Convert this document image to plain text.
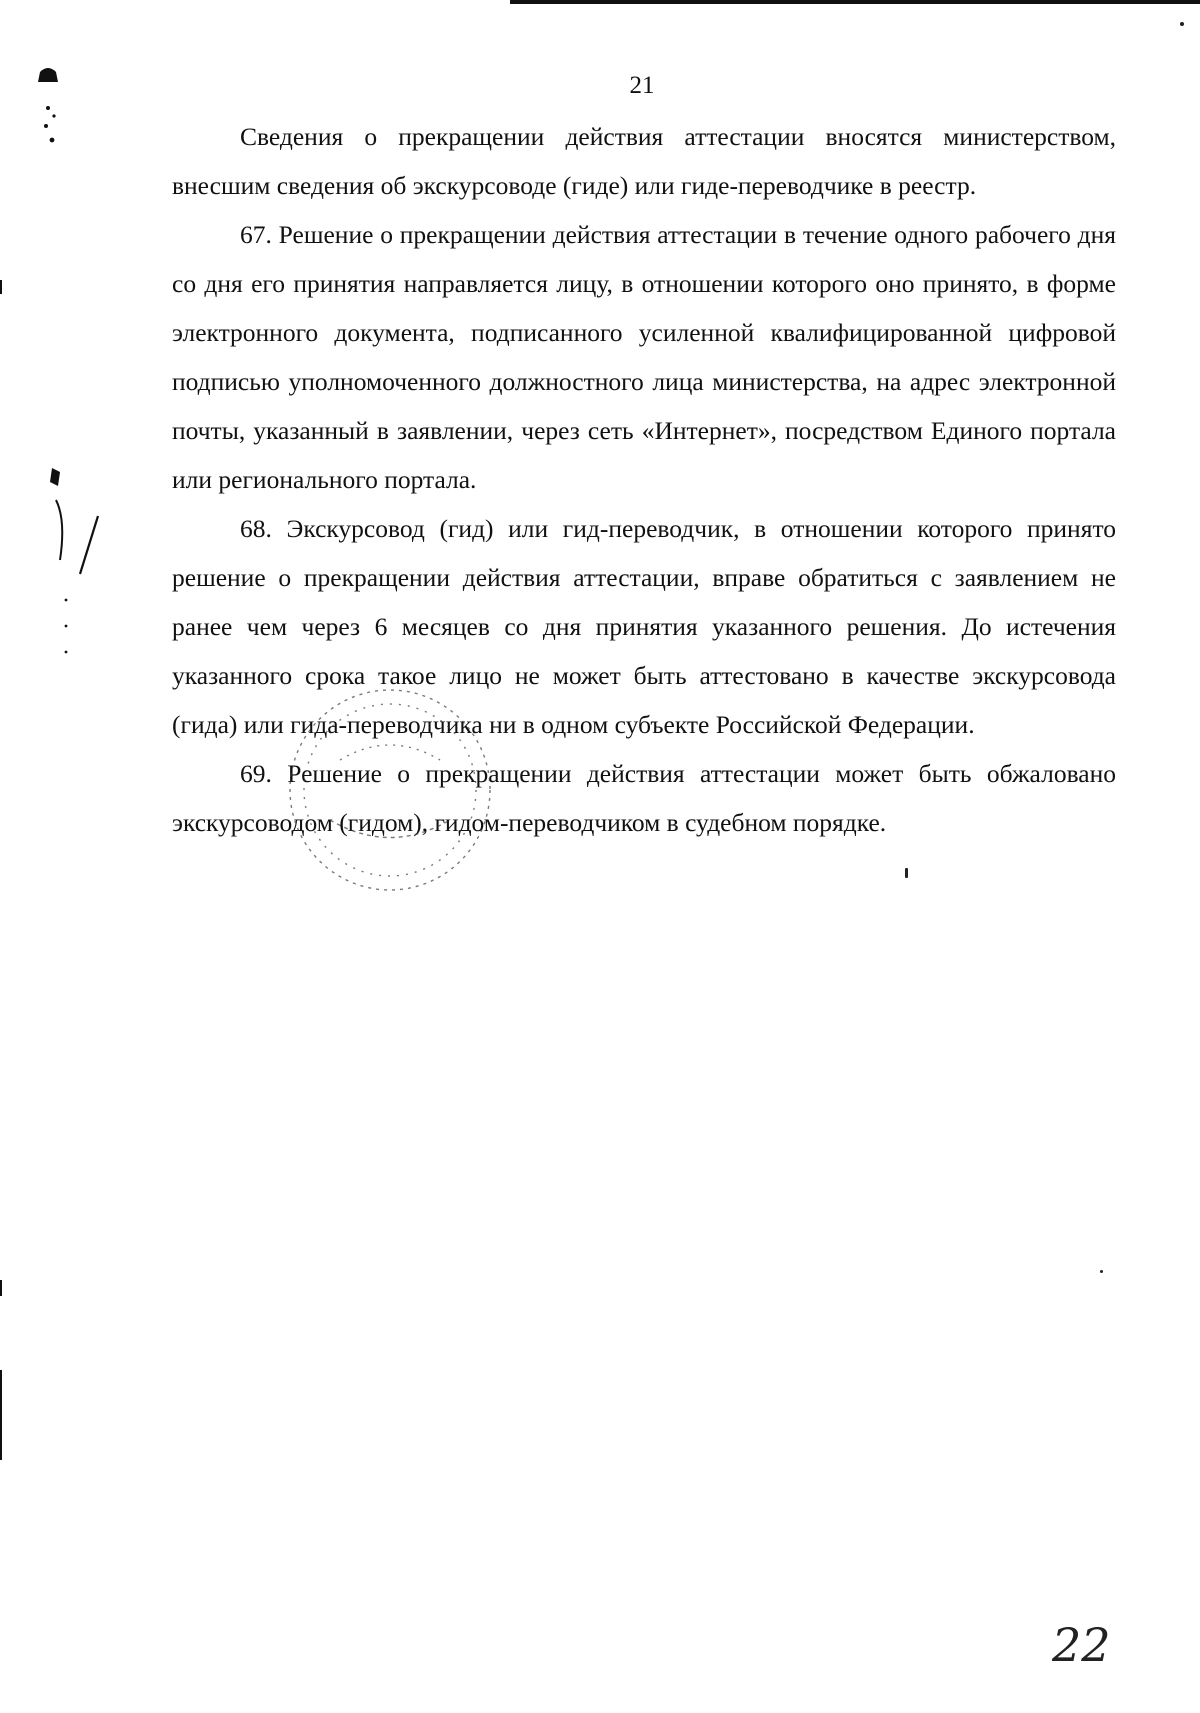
21

Сведения о прекращении действия аттестации вносятся министерством, внесшим сведения об экскурсоводе (гиде) или гиде-переводчике в реестр.

67. Решение о прекращении действия аттестации в течение одного рабочего дня со дня его принятия направляется лицу, в отношении которого оно принято, в форме электронного документа, подписанного усиленной квалифицированной цифровой подписью уполномоченного должностного лица министерства, на адрес электронной почты, указанный в заявлении, через сеть «Интернет», посредством Единого портала или регионального портала.

68. Экскурсовод (гид) или гид-переводчик, в отношении которого принято решение о прекращении действия аттестации, вправе обратиться с заявлением не ранее чем через 6 месяцев со дня принятия указанного решения. До истечения указанного срока такое лицо не может быть аттестовано в качестве экскурсовода (гида) или гида-переводчика ни в одном субъекте Российской Федерации.

69. Решение о прекращении действия аттестации может быть обжаловано экскурсоводом (гидом), гидом-переводчиком в судебном порядке.

22
